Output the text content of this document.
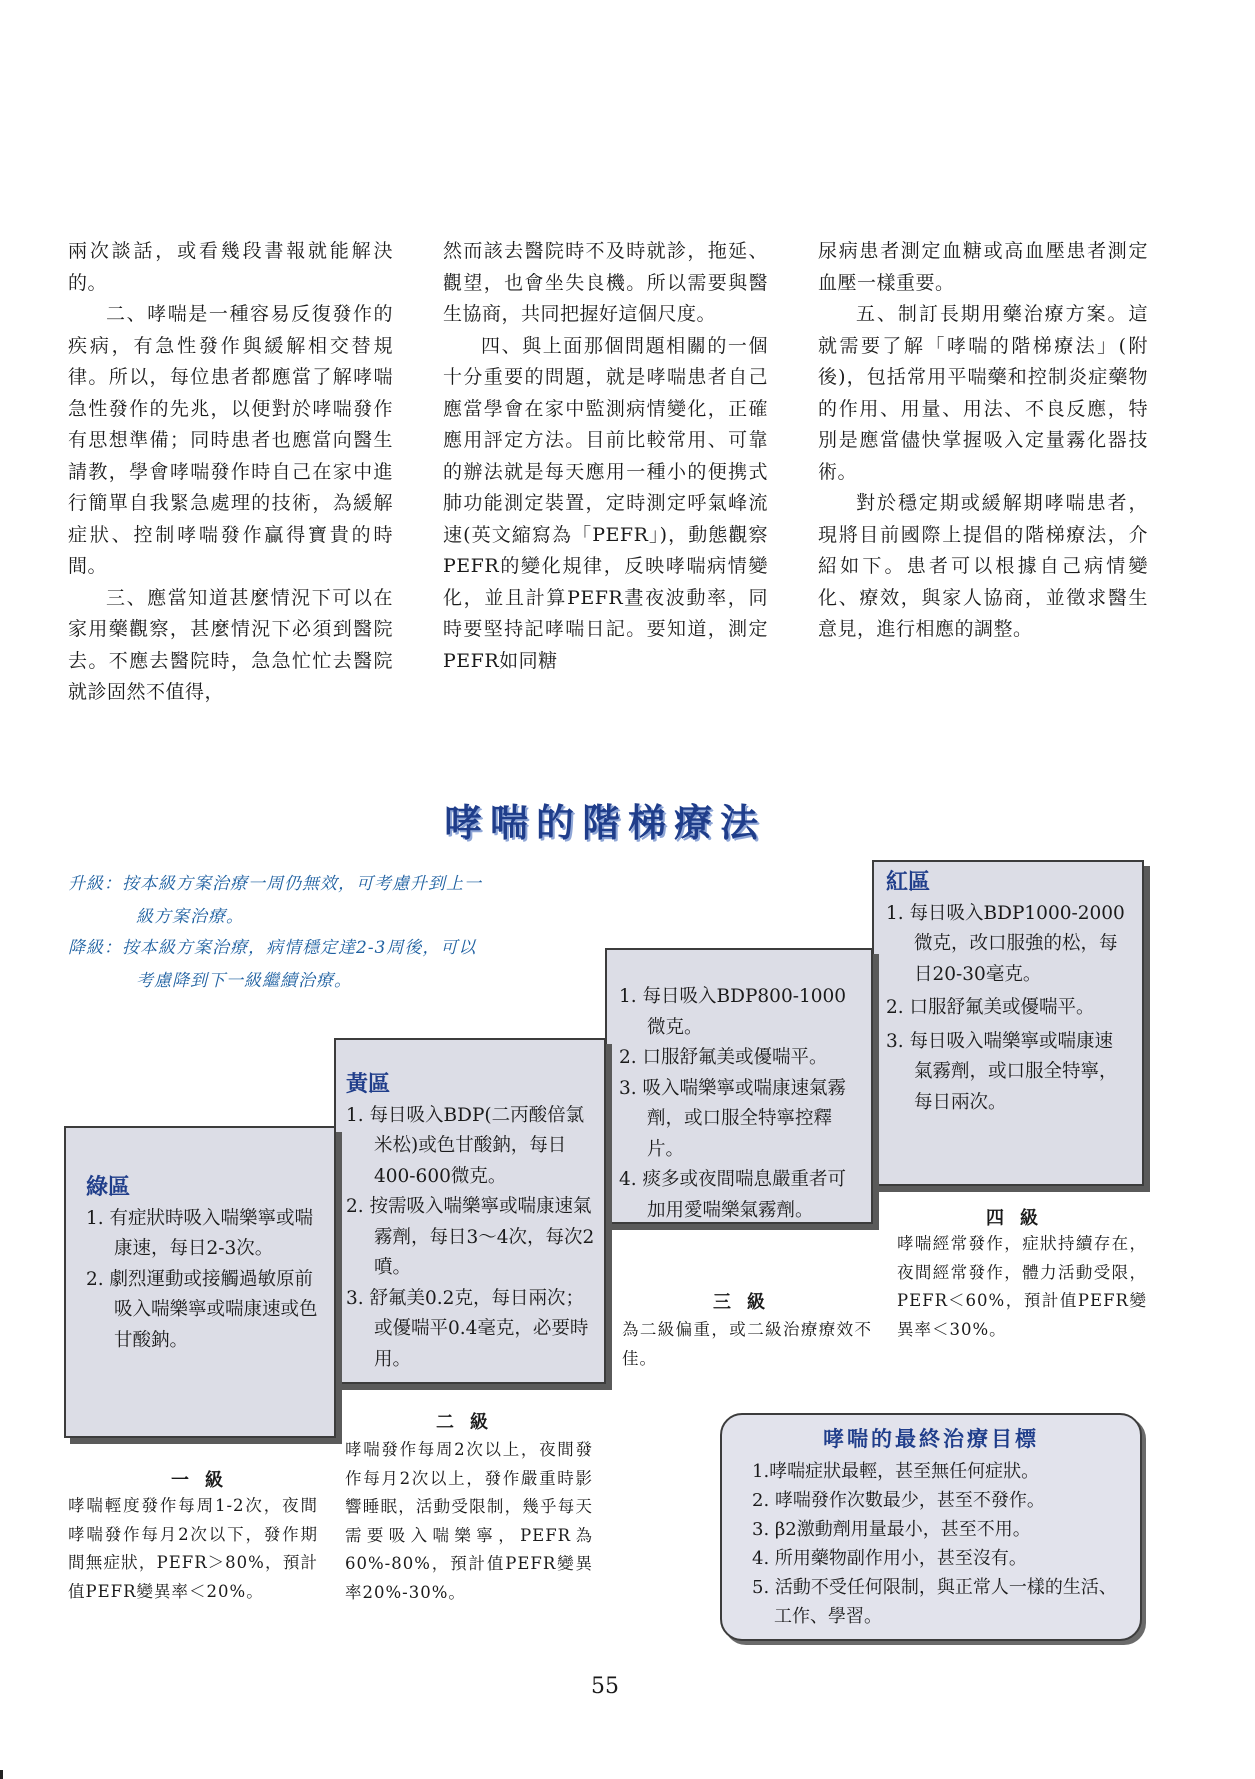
兩次談話，或看幾段書報就能解決的。

二、哮喘是一種容易反復發作的疾病，有急性發作與緩解相交替規律。所以，每位患者都應當了解哮喘急性發作的先兆，以便對於哮喘發作有思想準備；同時患者也應當向醫生請教，學會哮喘發作時自己在家中進行簡單自我緊急處理的技術，為緩解症狀、控制哮喘發作贏得寶貴的時間。

三、應當知道甚麼情況下可以在家用藥觀察，甚麼情況下必須到醫院去。不應去醫院時，急急忙忙去醫院就診固然不值得，

然而該去醫院時不及時就診，拖延、觀望，也會坐失良機。所以需要與醫生協商，共同把握好這個尺度。

四、與上面那個問題相關的一個十分重要的問題，就是哮喘患者自己應當學會在家中監測病情變化，正確應用評定方法。目前比較常用、可靠的辦法就是每天應用一種小的便携式肺功能測定裝置，定時測定呼氣峰流速(英文縮寫為「PEFR」)，動態觀察PEFR的變化規律，反映哮喘病情變化，並且計算PEFR晝夜波動率，同時要堅持記哮喘日記。要知道，測定PEFR如同糖

尿病患者測定血糖或高血壓患者測定血壓一樣重要。

五、制訂長期用藥治療方案。這就需要了解「哮喘的階梯療法」(附後)，包括常用平喘藥和控制炎症藥物的作用、用量、用法、不良反應，特別是應當儘快掌握吸入定量霧化器技術。

對於穩定期或緩解期哮喘患者，現將目前國際上提倡的階梯療法，介紹如下。患者可以根據自己病情變化、療效，與家人協商，並徵求醫生意見，進行相應的調整。

哮喘的階梯療法
升級：按本級方案治療一周仍無效，可考慮升到上一
級方案治療。
降級：按本級方案治療，病情穩定達2-3周後，可以
考慮降到下一級繼續治療。
紅區
1. 每日吸入BDP1000-2000微克，改口服強的松，每日20-30毫克。
2. 口服舒氟美或優喘平。
3. 每日吸入喘樂寧或喘康速氣霧劑，或口服全特寧，每日兩次。
1. 每日吸入BDP800-1000微克。
2. 口服舒氟美或優喘平。
3. 吸入喘樂寧或喘康速氣霧劑，或口服全特寧控釋片。
4. 痰多或夜間喘息嚴重者可加用愛喘樂氣霧劑。
黃區
1. 每日吸入BDP(二丙酸倍氯米松)或色甘酸鈉，每日400-600微克。
2. 按需吸入喘樂寧或喘康速氣霧劑，每日3～4次，每次2噴。
3. 舒氟美0.2克，每日兩次；或優喘平0.4毫克，必要時用。
綠區
1. 有症狀時吸入喘樂寧或喘康速，每日2-3次。
2. 劇烈運動或接觸過敏原前吸入喘樂寧或喘康速或色甘酸鈉。
一級
哮喘輕度發作每周1-2次，夜間哮喘發作每月2次以下，發作期間無症狀，PEFR＞80%，預計值PEFR變異率＜20%。
二級
哮喘發作每周2次以上，夜間發作每月2次以上，發作嚴重時影響睡眠，活動受限制，幾乎每天需要吸入喘樂寧，PEFR為60%-80%，預計值PEFR變異率20%-30%。
三級
為二級偏重，或二級治療療效不佳。
四級
哮喘經常發作，症狀持續存在，夜間經常發作，體力活動受限，PEFR＜60%，預計值PEFR變異率＜30%。
哮喘的最終治療目標
1.哮喘症狀最輕，甚至無任何症狀。
2. 哮喘發作次數最少，甚至不發作。
3. β2激動劑用量最小，甚至不用。
4. 所用藥物副作用小，甚至沒有。
5. 活動不受任何限制，與正常人一樣的生活、工作、學習。
55
